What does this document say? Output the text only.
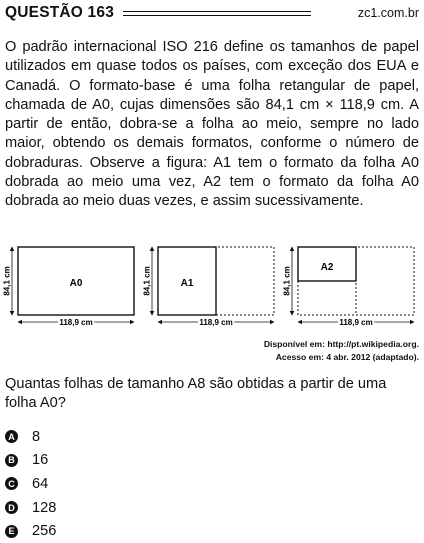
QUESTÃO 163	zc1.com.br

O padrão internacional ISO 216 define os tamanhos de papel utilizados em quase todos os países, com exceção dos EUA e Canadá. O formato-base é uma folha retangular de papel, chamada de A0, cujas dimensões são 84,1 cm × 118,9 cm. A partir de então, dobra-se a folha ao meio, sempre no lado maior, obtendo os demais formatos, conforme o número de dobraduras. Observe a figura: A1 tem o formato da folha A0 dobrada ao meio uma vez, A2 tem o formato da folha A0 dobrada ao meio duas vezes, e assim sucessivamente.

A0
84,1 cm
118,9 cm
A1
84,1 cm
118,9 cm
A2
84,1 cm
118,9 cm
Disponível em: http://pt.wikipedia.org.
Acesso em: 4 abr. 2012 (adaptado).

Quantas folhas de tamanho A8 são obtidas a partir de uma folha A0?

A 8
B 16
C 64
D 128
E 256
